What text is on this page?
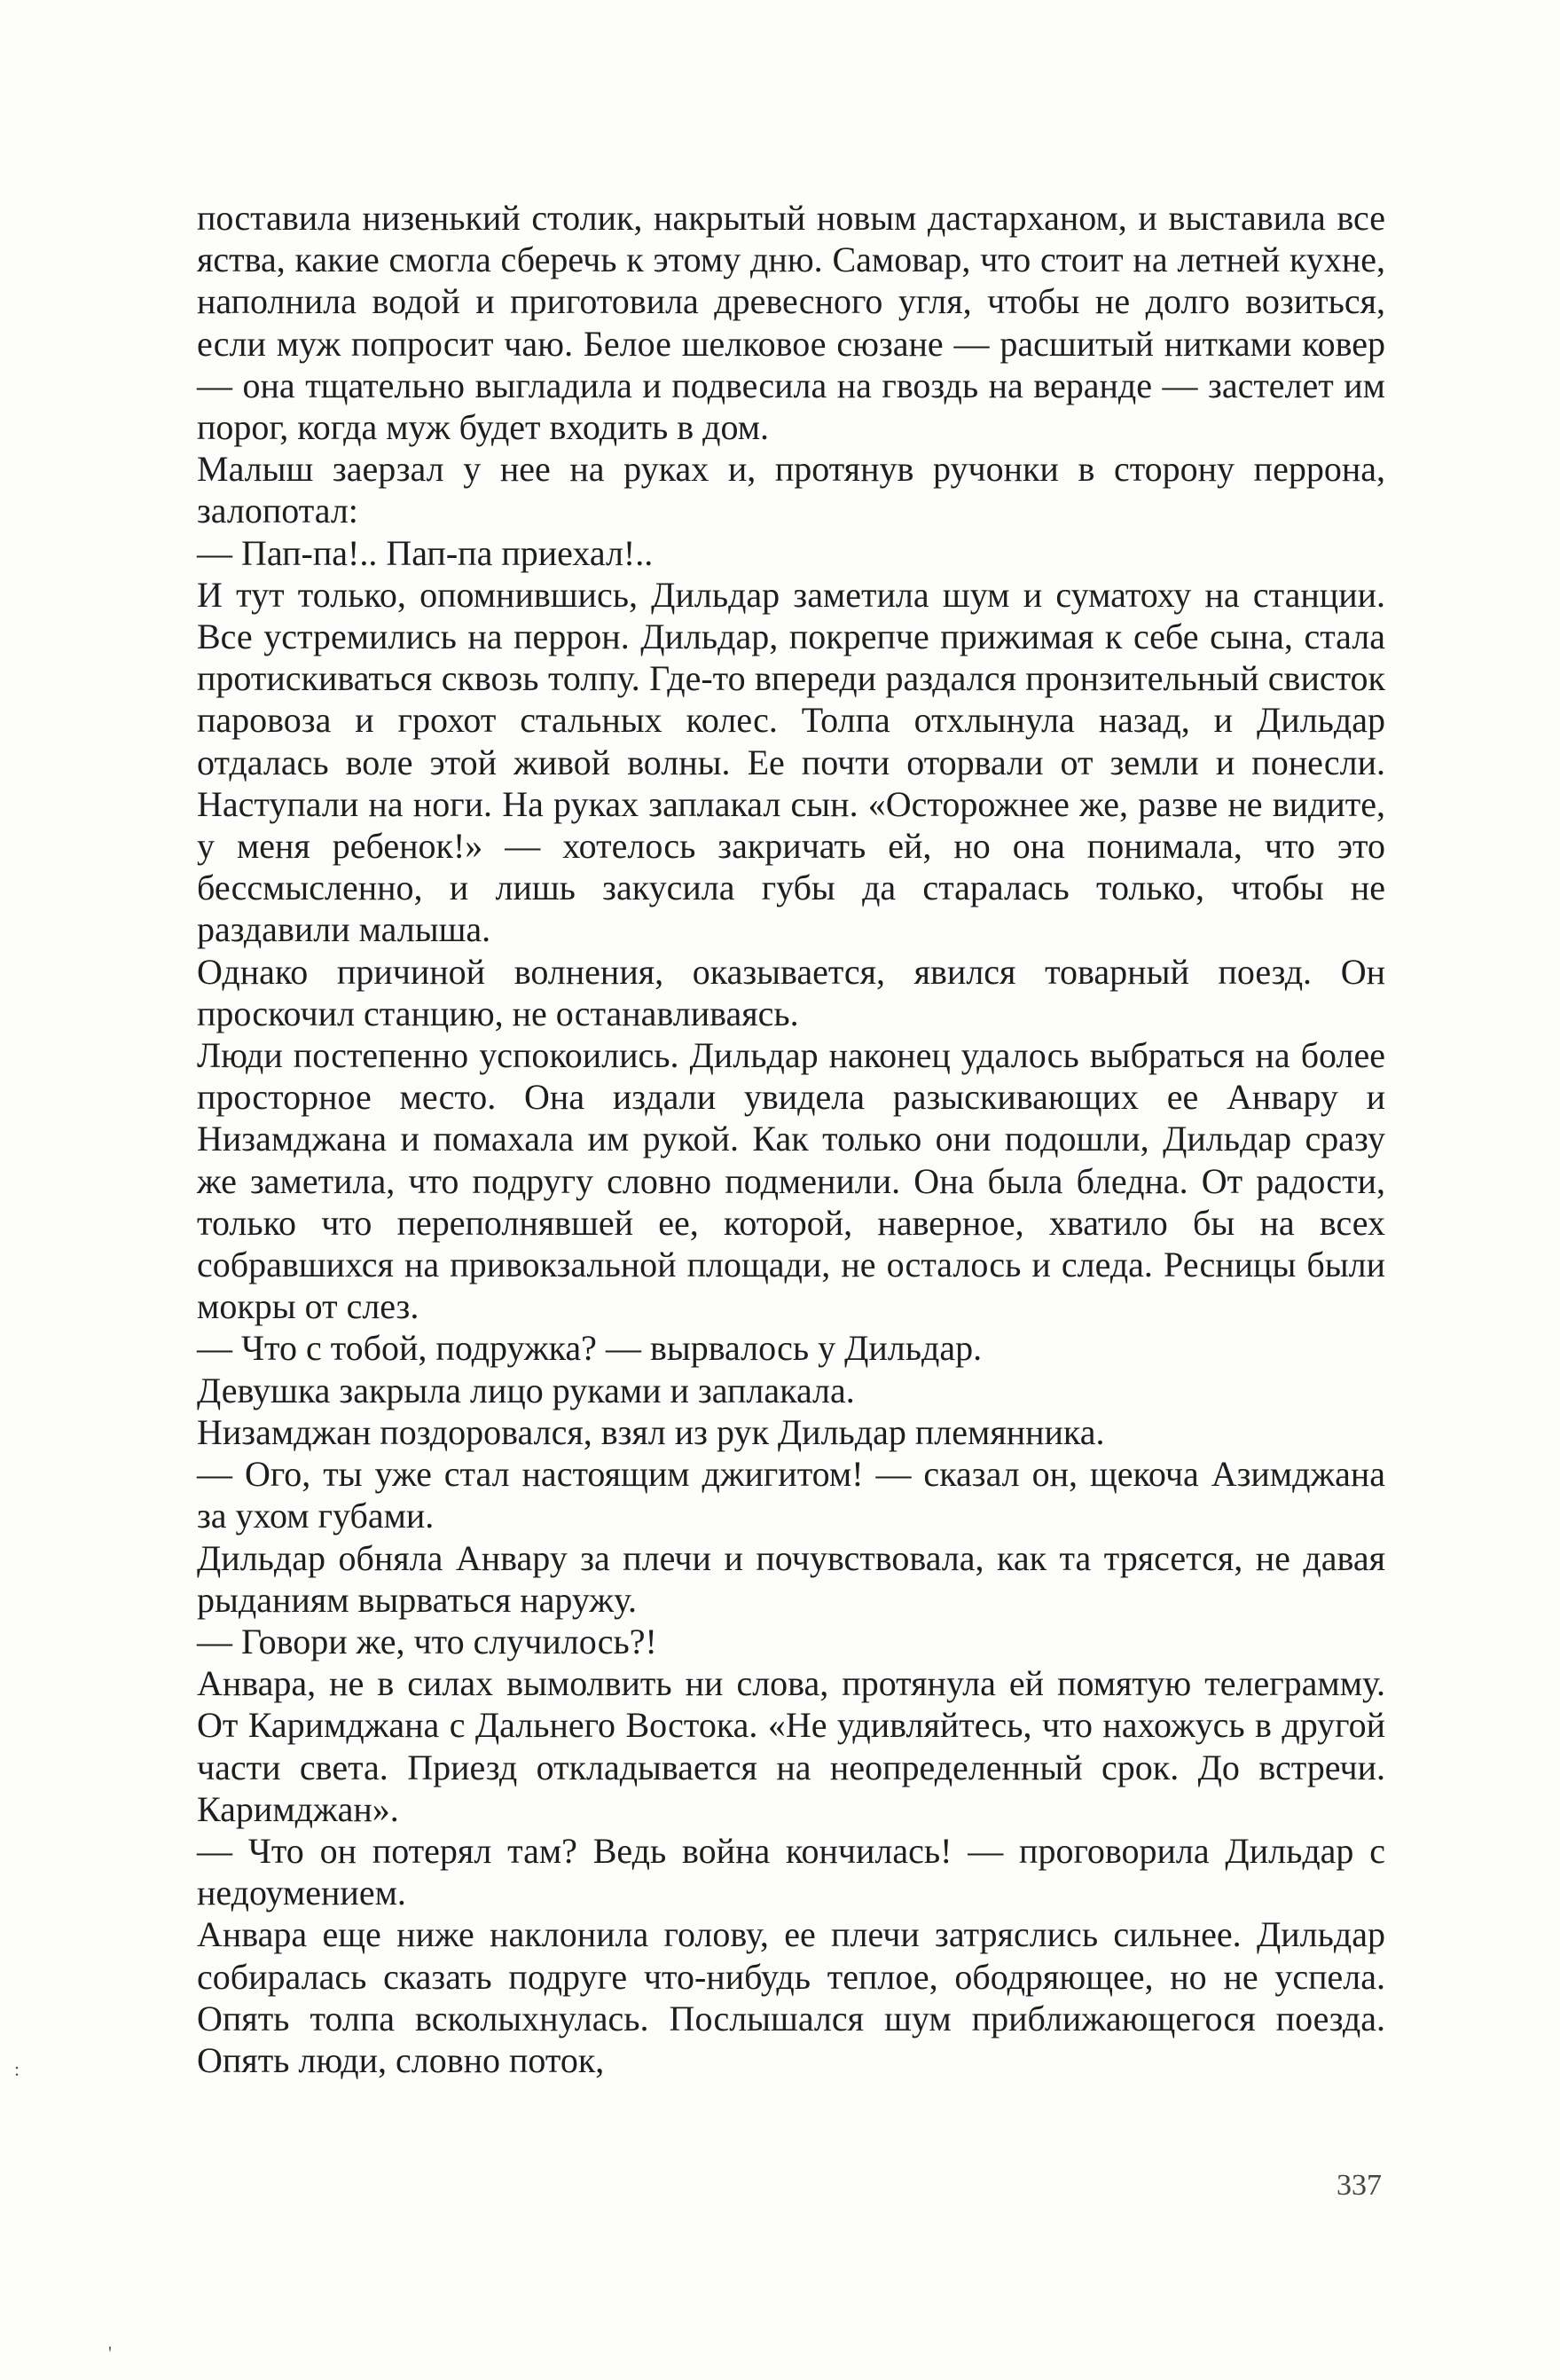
поставила низенький столик, накрытый новым дастарханом, и выставила все яства, какие смогла сберечь к этому дню. Самовар, что стоит на летней кухне, наполнила водой и приготовила древесного угля, чтобы не долго возиться, если муж попросит чаю. Белое шелковое сюзане — расшитый нитками ковер — она тщательно выгладила и подвесила на гвоздь на веранде — застелет им порог, когда муж будет входить в дом.

Малыш заерзал у нее на руках и, протянув ручонки в сторону перрона, залопотал:

— Пап-па!.. Пап-па приехал!..

И тут только, опомнившись, Дильдар заметила шум и суматоху на станции. Все устремились на перрон. Дильдар, покрепче прижимая к себе сына, стала протискиваться сквозь толпу. Где-то впереди раздался пронзительный свисток паровоза и грохот стальных колес. Толпа отхлынула назад, и Дильдар отдалась воле этой живой волны. Ее почти оторвали от земли и понесли. Наступали на ноги. На руках заплакал сын. «Осторожнее же, разве не видите, у меня ребенок!» — хотелось закричать ей, но она понимала, что это бессмысленно, и лишь закусила губы да старалась только, чтобы не раздавили малыша.

Однако причиной волнения, оказывается, явился товарный поезд. Он проскочил станцию, не останавливаясь.

Люди постепенно успокоились. Дильдар наконец удалось выбраться на более просторное место. Она издали увидела разыскивающих ее Анвару и Низамджана и помахала им рукой. Как только они подошли, Дильдар сразу же заметила, что подругу словно подменили. Она была бледна. От радости, только что переполнявшей ее, которой, наверное, хватило бы на всех собравшихся на привокзальной площади, не осталось и следа. Ресницы были мокры от слез.

— Что с тобой, подружка? — вырвалось у Дильдар.

Девушка закрыла лицо руками и заплакала.

Низамджан поздоровался, взял из рук Дильдар племянника.

— Ого, ты уже стал настоящим джигитом! — сказал он, щекоча Азимджана за ухом губами.

Дильдар обняла Анвару за плечи и почувствовала, как та трясется, не давая рыданиям вырваться наружу.

— Говори же, что случилось?!

Анвара, не в силах вымолвить ни слова, протянула ей помятую телеграмму. От Каримджана с Дальнего Востока. «Не удивляйтесь, что нахожусь в другой части света. Приезд откладывается на неопределенный срок. До встречи. Каримджан».

— Что он потерял там? Ведь война кончилась! — проговорила Дильдар с недоумением.

Анвара еще ниже наклонила голову, ее плечи затряслись сильнее. Дильдар собиралась сказать подруге что-нибудь теплое, ободряющее, но не успела. Опять толпа всколыхнулась. Послышался шум приближающегося поезда. Опять люди, словно поток,

337
:
'
